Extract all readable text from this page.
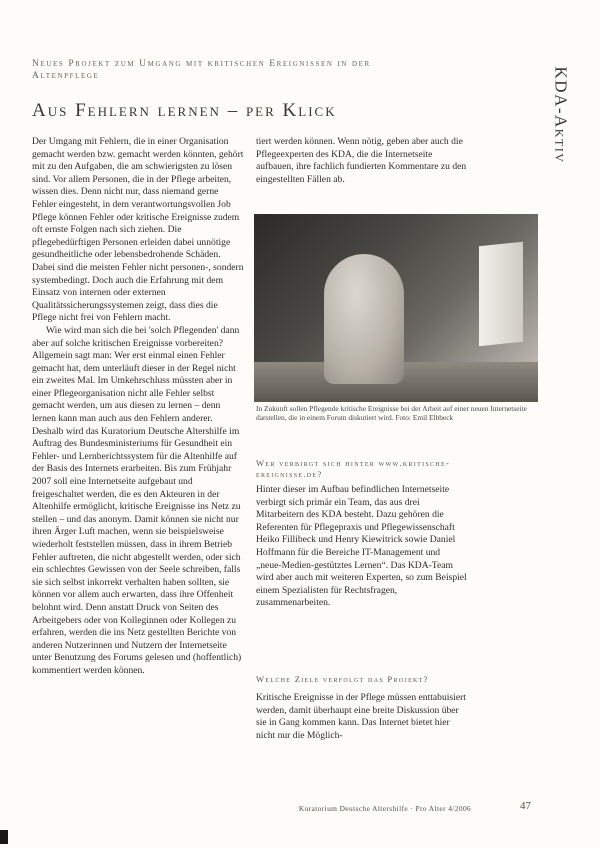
Neues Projekt zum Umgang mit kritischen Ereignissen in der Altenpflege
Aus Fehlern lernen – per Klick	KDA-Aktiv

Der Umgang mit Fehlern, die in einer Organisation gemacht werden bzw. gemacht werden könnten, gehört mit zu den Aufgaben, die am schwierigsten zu lösen sind. Vor allem Personen, die in der Pflege arbeiten, wissen dies. Denn nicht nur, dass niemand gerne Fehler eingesteht, in dem verantwortungsvollen Job Pflege können Fehler oder kritische Ereignisse zudem oft ernste Folgen nach sich ziehen. Die pflegebedürftigen Personen erleiden dabei unnötige gesundheitliche oder lebensbedrohende Schäden. Dabei sind die meisten Fehler nicht personen-, sondern systembedingt. Doch auch die Erfahrung mit dem Einsatz von internen oder externen Qualitätssicherungssystemen zeigt, dass dies die Pflege nicht frei von Fehlern macht.

Wie wird man sich die bei 'solch Pflegenden' dann aber auf solche kritischen Ereignisse vorbereiten? Allgemein sagt man: Wer erst einmal einen Fehler gemacht hat, dem unterläuft dieser in der Regel nicht ein zweites Mal. Im Umkehrschluss müssten aber in einer Pflegeorganisation nicht alle Fehler selbst gemacht werden, um aus diesen zu lernen – denn lernen kann man auch aus den Fehlern anderer. Deshalb wird das Kuratorium Deutsche Altershilfe im Auftrag des Bundesministeriums für Gesundheit ein Fehler- und Lernberichtssystem für die Altenhilfe auf der Basis des Internets erarbeiten. Bis zum Frühjahr 2007 soll eine Internetseite aufgebaut und freigeschaltet werden, die es den Akteuren in der Altenhilfe ermöglicht, kritische Ereignisse ins Netz zu stellen – und das anonym. Damit können sie nicht nur ihren Ärger Luft machen, wenn sie beispielsweise wiederholt feststellen müssen, dass in ihrem Betrieb Fehler auftreten, die nicht abgestellt werden, oder sich ein schlechtes Gewissen von der Seele schreiben, falls sie sich selbst inkorrekt verhalten haben sollten, sie können vor allem auch erwarten, dass ihre Offenheit belohnt wird. Denn anstatt Druck von Seiten des Arbeitgebers oder von Kolleginnen oder Kollegen zu erfahren, werden die ins Netz gestellten Berichte von anderen Nutzerinnen und Nutzern der Internetseite unter Benutzung des Forums gelesen und (hoffentlich) kommentiert werden können.

tiert werden können. Wenn nötig, geben aber auch die Pflegeexperten des KDA, die die Internetseite aufbauen, ihre fachlich fundierten Kommentare zu den eingestellten Fällen ab.

In Zukunft sollen Pflegende kritische Ereignisse bei der Arbeit auf einer neuen Internetseite darstellen, die in einem Forum diskutiert wird. Foto: Emil Elbbeck
Wer verbirgt sich hinter www.kritische-ereignisse.de?

Hinter dieser im Aufbau befindlichen Internetseite verbirgt sich primär ein Team, das aus drei Mitarbeitern des KDA besteht. Dazu gehören die Referenten für Pflegepraxis und Pflegewissenschaft Heiko Fillibeck und Henry Kiewitrick sowie Daniel Hoffmann für die Bereiche IT-Management und „neue-Medien-gestütztes Lernen“. Das KDA-Team wird aber auch mit weiteren Experten, so zum Beispiel einem Spezialisten für Rechtsfragen, zusammenarbeiten.

Welche Ziele verfolgt das Projekt?

Kritische Ereignisse in der Pflege müssen enttabuisiert werden, damit überhaupt eine breite Diskussion über sie in Gang kommen kann. Das Internet bietet hier nicht nur die Möglich-

Kuratorium Deutsche Altershilfe · Pro Alter 4/2006	47
